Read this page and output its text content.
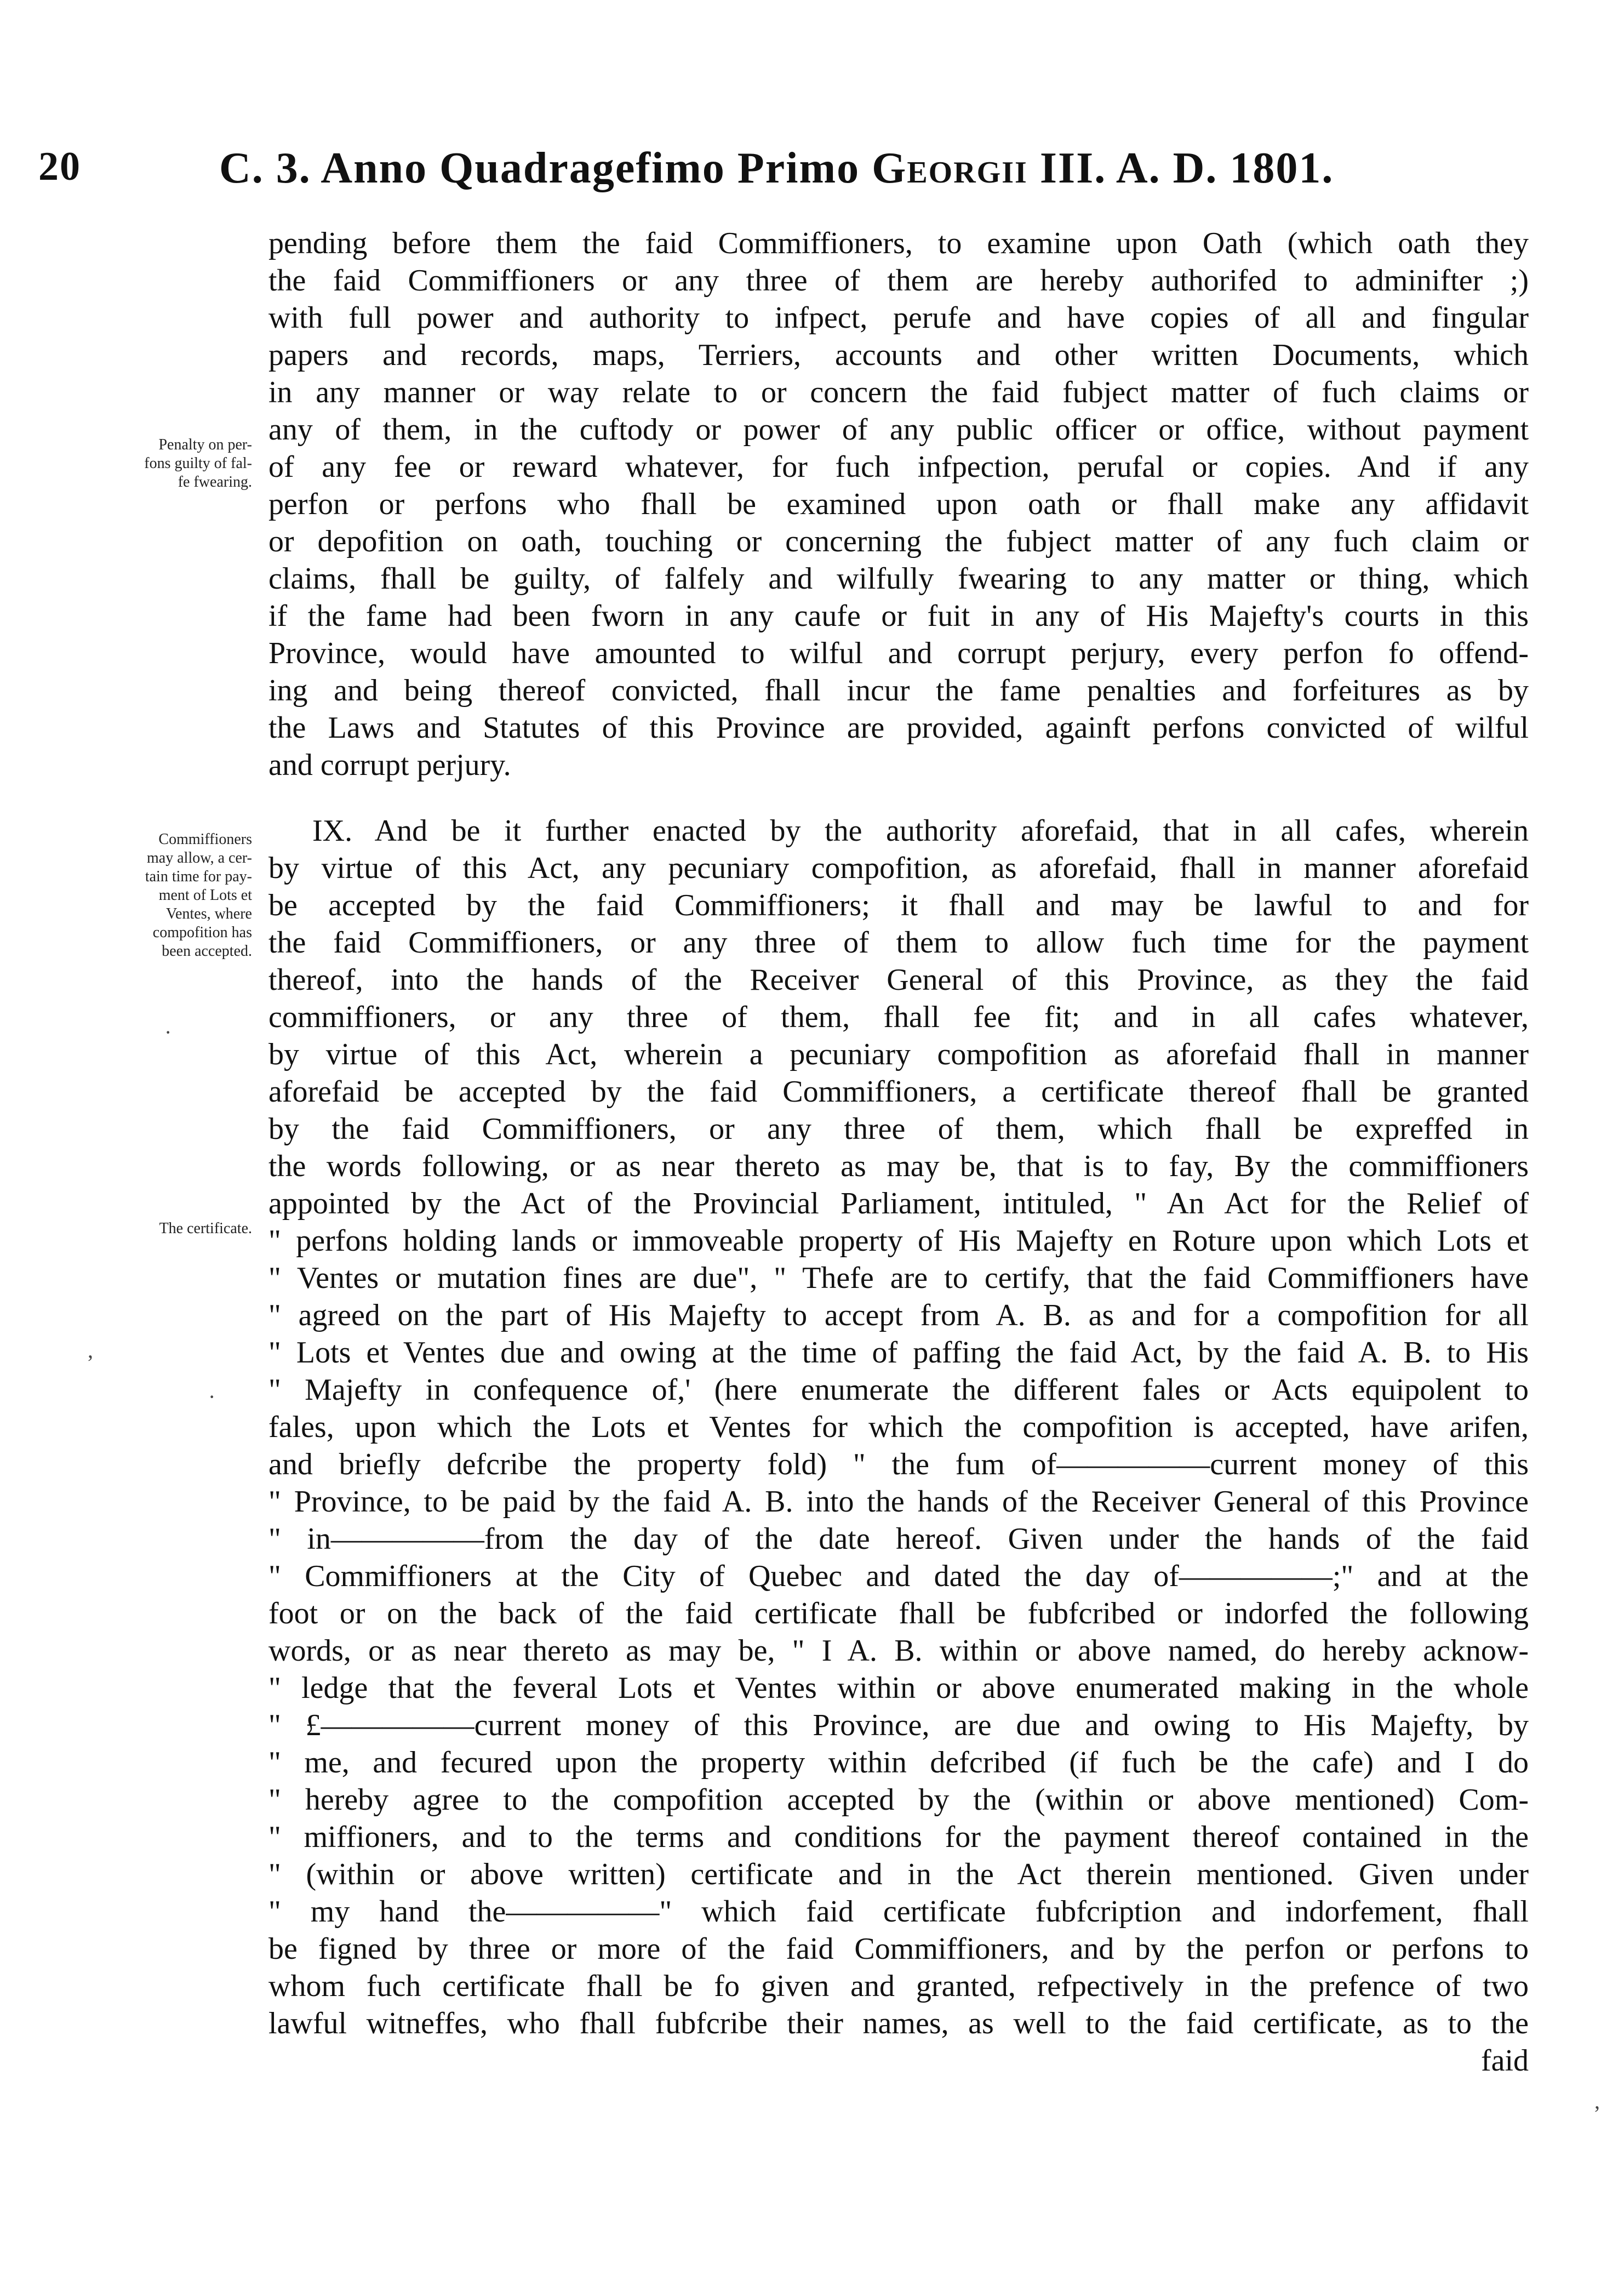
20	C. 3. Anno Quadragefimo Primo Georgii III. A. D. 1801.
Penalty on per-
fons guilty of fal-
fe fwearing.
Commiffioners
may allow, a cer-
tain time for pay-
ment of Lots et
Ventes, where
compofition has
been accepted.
The certificate.
·
,
·
,
pending before them the faid Commiffioners, to examine upon Oath (which oath they
the faid Commiffioners or any three of them are hereby authorifed to adminifter ;)
with full power and authority to infpect, perufe and have copies of all and fingular
papers and records, maps, Terriers, accounts and other written Documents, which
in any manner or way relate to or concern the faid fubject matter of fuch claims or
any of them, in the cuftody or power of any public officer or office, without payment
of any fee or reward whatever, for fuch infpection, perufal or copies. And if any
perfon or perfons who fhall be examined upon oath or fhall make any affidavit
or depofition on oath, touching or concerning the fubject matter of any fuch claim or
claims, fhall be guilty, of falfely and wilfully fwearing to any matter or thing, which
if the fame had been fworn in any caufe or fuit in any of His Majefty's courts in this
Province, would have amounted to wilful and corrupt perjury, every perfon fo offend-
ing and being thereof convicted, fhall incur the fame penalties and forfeitures as by
the Laws and Statutes of this Province are provided, againft perfons convicted of wilful
and corrupt perjury.
IX. And be it further enacted by the authority aforefaid, that in all cafes, wherein
by virtue of this Act, any pecuniary compofition, as aforefaid, fhall in manner aforefaid
be accepted by the faid Commiffioners; it fhall and may be lawful to and for
the faid Commiffioners, or any three of them to allow fuch time for the payment
thereof, into the hands of the Receiver General of this Province, as they the faid
commiffioners, or any three of them, fhall fee fit; and in all cafes whatever,
by virtue of this Act, wherein a pecuniary compofition as aforefaid fhall in manner
aforefaid be accepted by the faid Commiffioners, a certificate thereof fhall be granted
by the faid Commiffioners, or any three of them, which fhall be expreffed in
the words following, or as near thereto as may be, that is to fay, By the commiffioners
appointed by the Act of the Provincial Parliament, intituled, " An Act for the Relief of
" perfons holding lands or immoveable property of His Majefty en Roture upon which Lots et
" Ventes or mutation fines are due", " Thefe are to certify, that the faid Commiffioners have
" agreed on the part of His Majefty to accept from A. B. as and for a compofition for all
" Lots et Ventes due and owing at the time of paffing the faid Act, by the faid A. B. to His
" Majefty in confequence of,' (here enumerate the different fales or Acts equipolent to
fales, upon which the Lots et Ventes for which the compofition is accepted, have arifen,
and briefly defcribe the property fold) " the fum of—————current money of this
" Province, to be paid by the faid A. B. into the hands of the Receiver General of this Province
" in—————from the day of the date hereof. Given under the hands of the faid
" Commiffioners at the City of Quebec and dated the day of—————;" and at the
foot or on the back of the faid certificate fhall be fubfcribed or indorfed the following
words, or as near thereto as may be, " I A. B. within or above named, do hereby acknow-
" ledge that the feveral Lots et Ventes within or above enumerated making in the whole
" £—————current money of this Province, are due and owing to His Majefty, by
" me, and fecured upon the property within defcribed (if fuch be the cafe) and I do
" hereby agree to the compofition accepted by the (within or above mentioned) Com-
" miffioners, and to the terms and conditions for the payment thereof contained in the
" (within or above written) certificate and in the Act therein mentioned. Given under
" my hand the—————" which faid certificate fubfcription and indorfement, fhall
be figned by three or more of the faid Commiffioners, and by the perfon or perfons to
whom fuch certificate fhall be fo given and granted, refpectively in the prefence of two
lawful witneffes, who fhall fubfcribe their names, as well to the faid certificate, as to the
faid
